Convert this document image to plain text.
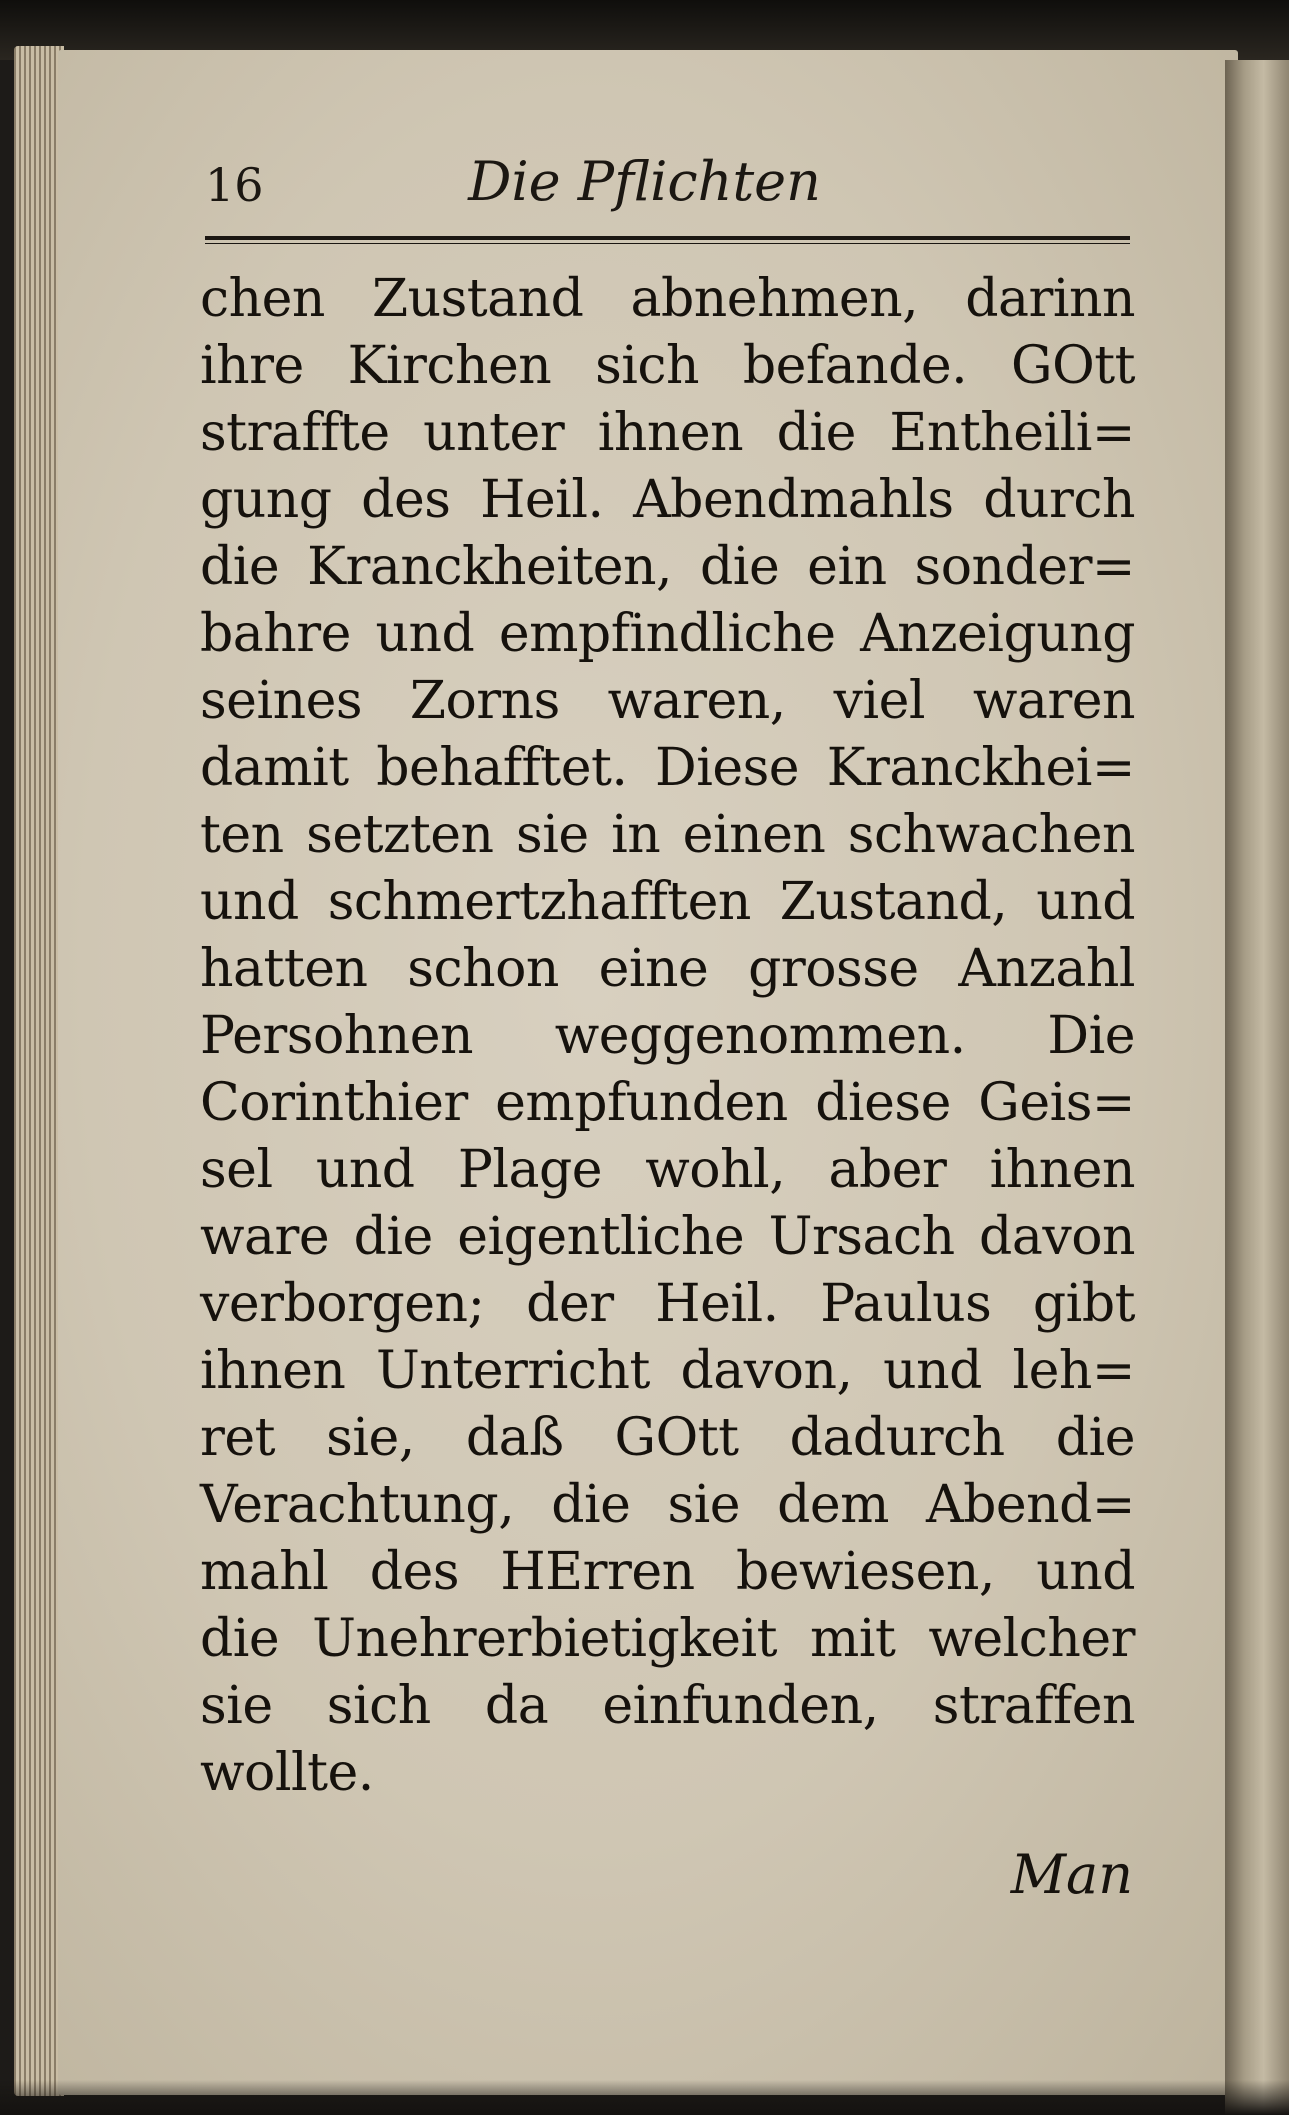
16	Die Pflichten
chen Zustand abnehmen, darinn
ihre Kirchen sich befande. GOtt
straffte unter ihnen die Entheili=
gung des Heil. Abendmahls durch
die Kranckheiten, die ein sonder=
bahre und empfindliche Anzeigung
seines Zorns waren, viel waren
damit behafftet. Diese Kranckhei=
ten setzten sie in einen schwachen
und schmertzhafften Zustand, und
hatten schon eine grosse Anzahl
Persohnen weggenommen. Die
Corinthier empfunden diese Geis=
sel und Plage wohl, aber ihnen
ware die eigentliche Ursach davon
verborgen; der Heil. Paulus gibt
ihnen Unterricht davon, und leh=
ret sie, daß GOtt dadurch die
Verachtung, die sie dem Abend=
mahl des HErren bewiesen, und
die Unehrerbietigkeit mit welcher
sie sich da einfunden, straffen
wollte.
Man
